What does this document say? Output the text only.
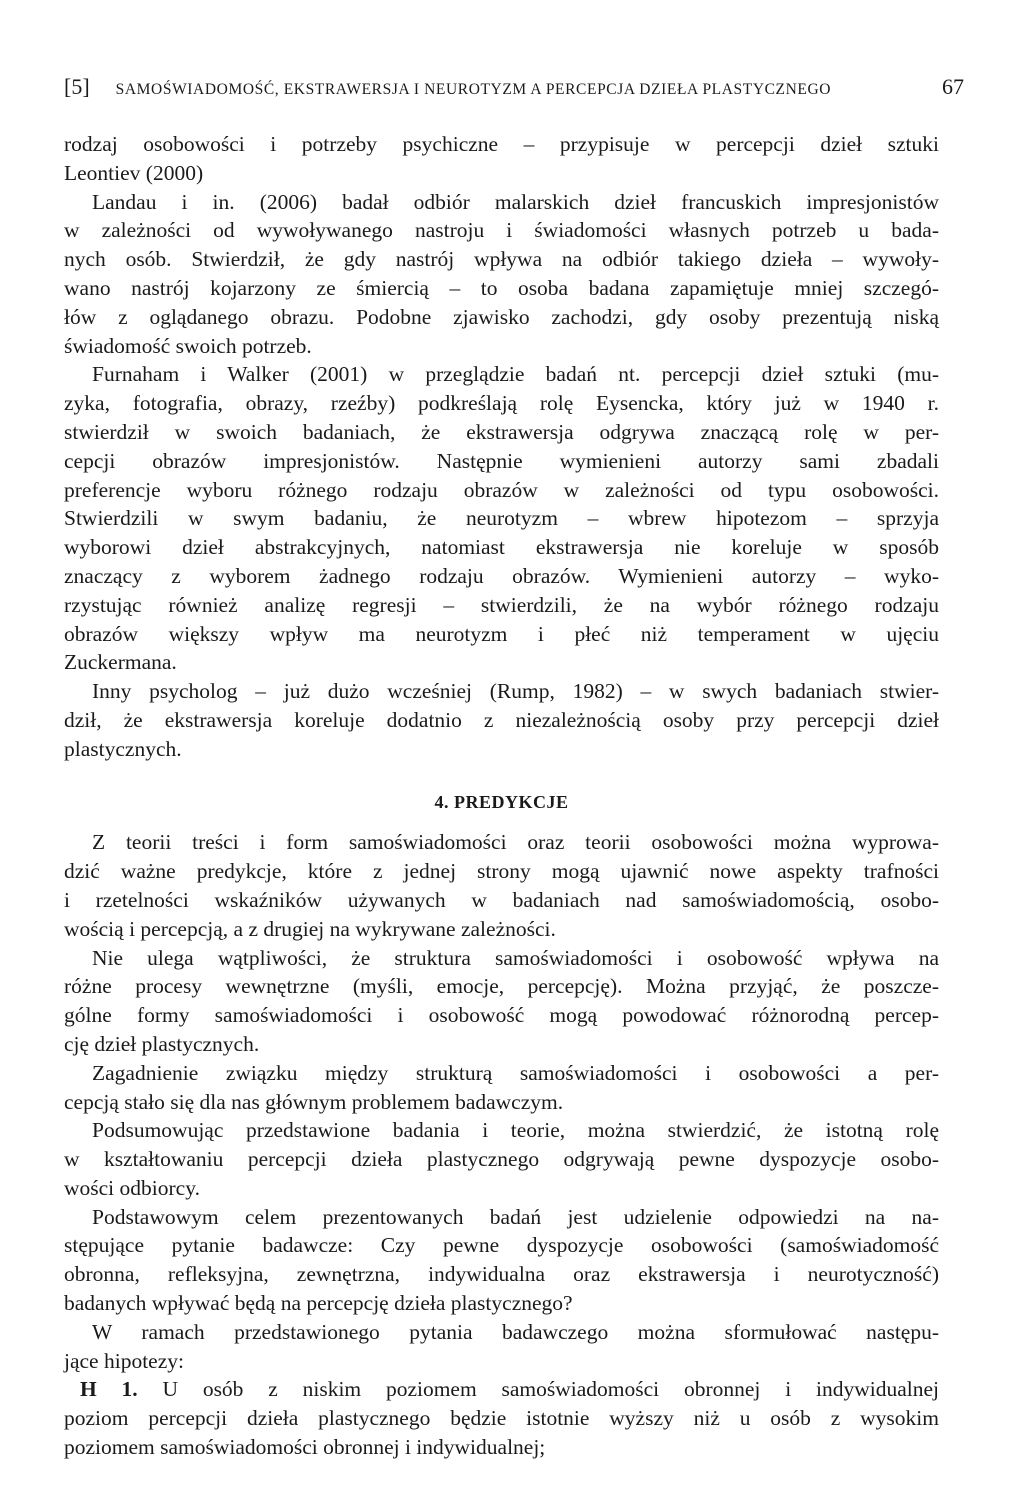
[5] SAMOŚWIADOMOŚĆ, EKSTRAWERSJA I NEUROTYZM A PERCEPCJA DZIEŁA PLASTYCZNEGO	67
rodzaj osobowości i potrzeby psychiczne – przypisuje w percepcji dzieł sztuki
Leontiev (2000)
Landau i in. (2006) badał odbiór malarskich dzieł francuskich impresjonistów
w zależności od wywoływanego nastroju i świadomości własnych potrzeb u bada-
nych osób. Stwierdził, że gdy nastrój wpływa na odbiór takiego dzieła – wywoły-
wano nastrój kojarzony ze śmiercią – to osoba badana zapamiętuje mniej szczegó-
łów z oglądanego obrazu. Podobne zjawisko zachodzi, gdy osoby prezentują niską
świadomość swoich potrzeb.
Furnaham i Walker (2001) w przeglądzie badań nt. percepcji dzieł sztuki (mu-
zyka, fotografia, obrazy, rzeźby) podkreślają rolę Eysencka, który już w 1940 r.
stwierdził w swoich badaniach, że ekstrawersja odgrywa znaczącą rolę w per-
cepcji obrazów impresjonistów. Następnie wymienieni autorzy sami zbadali
preferencje wyboru różnego rodzaju obrazów w zależności od typu osobowości.
Stwierdzili w swym badaniu, że neurotyzm – wbrew hipotezom – sprzyja
wyborowi dzieł abstrakcyjnych, natomiast ekstrawersja nie koreluje w sposób
znaczący z wyborem żadnego rodzaju obrazów. Wymienieni autorzy – wyko-
rzystując również analizę regresji – stwierdzili, że na wybór różnego rodzaju
obrazów większy wpływ ma neurotyzm i płeć niż temperament w ujęciu
Zuckermana.
Inny psycholog – już dużo wcześniej (Rump, 1982) – w swych badaniach stwier-
dził, że ekstrawersja koreluje dodatnio z niezależnością osoby przy percepcji dzieł
plastycznych.
4. PREDYKCJE
Z teorii treści i form samoświadomości oraz teorii osobowości można wyprowa-
dzić ważne predykcje, które z jednej strony mogą ujawnić nowe aspekty trafności
i rzetelności wskaźników używanych w badaniach nad samoświadomością, osobo-
wością i percepcją, a z drugiej na wykrywane zależności.
Nie ulega wątpliwości, że struktura samoświadomości i osobowość wpływa na
różne procesy wewnętrzne (myśli, emocje, percepcję). Można przyjąć, że poszcze-
gólne formy samoświadomości i osobowość mogą powodować różnorodną percep-
cję dzieł plastycznych.
Zagadnienie związku między strukturą samoświadomości i osobowości a per-
cepcją stało się dla nas głównym problemem badawczym.
Podsumowując przedstawione badania i teorie, można stwierdzić, że istotną rolę
w kształtowaniu percepcji dzieła plastycznego odgrywają pewne dyspozycje osobo-
wości odbiorcy.
Podstawowym celem prezentowanych badań jest udzielenie odpowiedzi na na-
stępujące pytanie badawcze: Czy pewne dyspozycje osobowości (samoświadomość
obronna, refleksyjna, zewnętrzna, indywidualna oraz ekstrawersja i neurotyczność)
badanych wpływać będą na percepcję dzieła plastycznego?
W ramach przedstawionego pytania badawczego można sformułować następu-
jące hipotezy:
H 1. U osób z niskim poziomem samoświadomości obronnej i indywidualnej
poziom percepcji dzieła plastycznego będzie istotnie wyższy niż u osób z wysokim
poziomem samoświadomości obronnej i indywidualnej;
